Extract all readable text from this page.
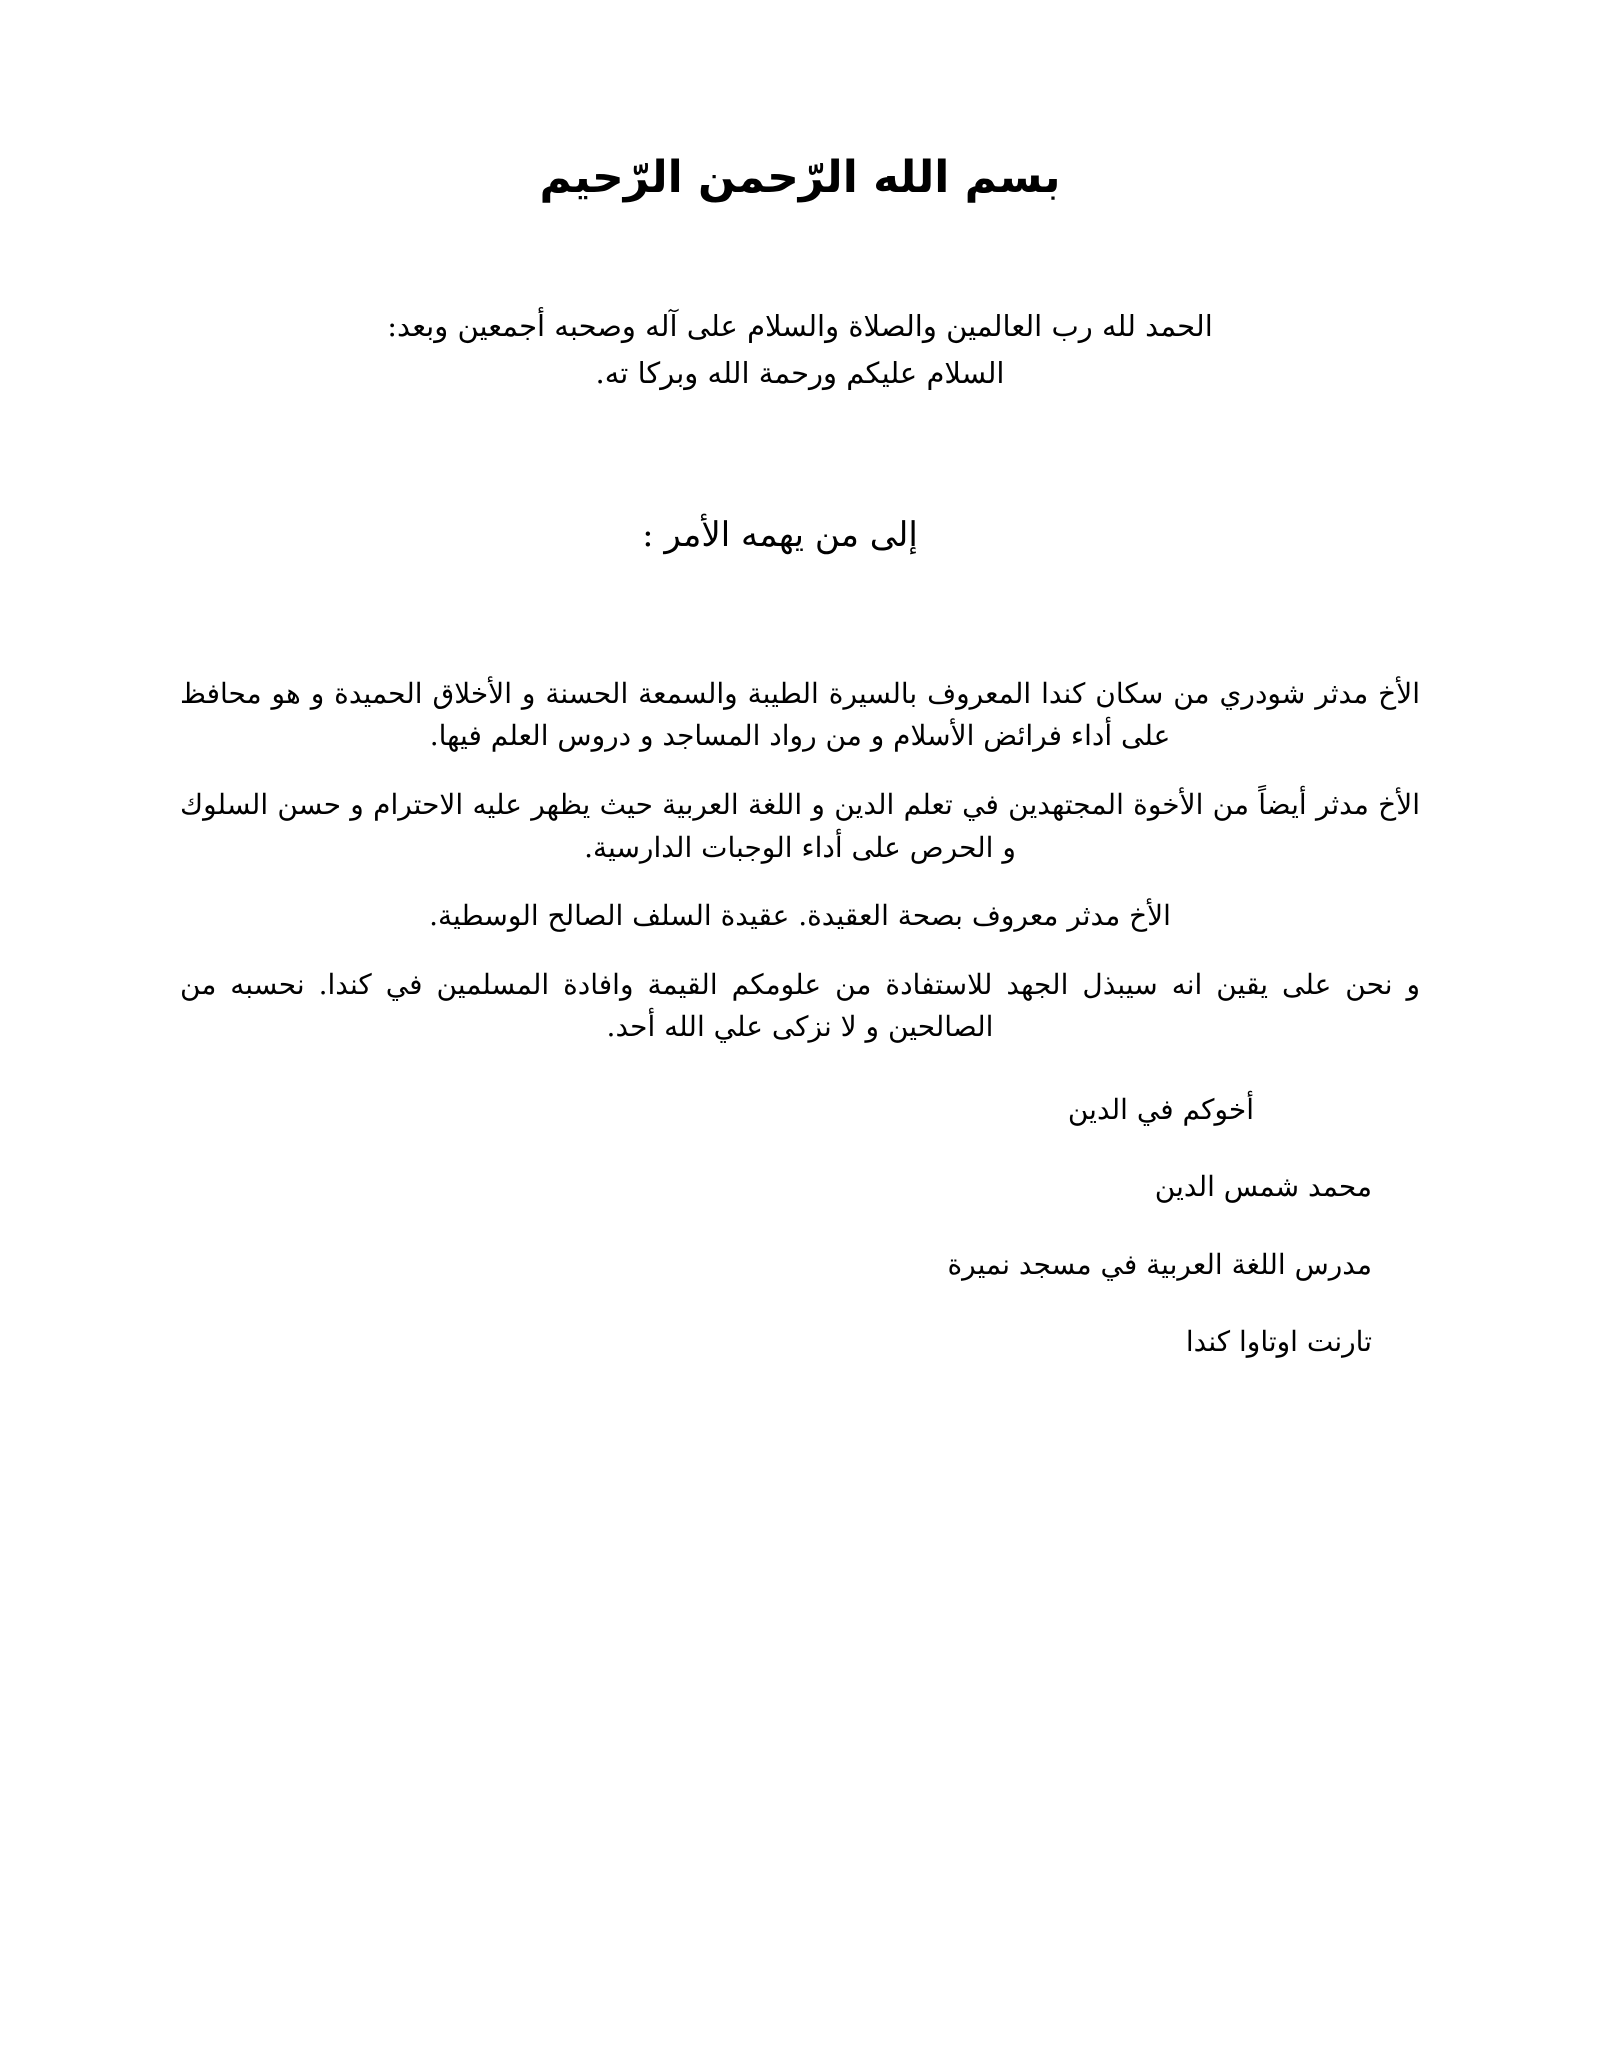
بسم الله الرّحمن الرّحيم
الحمد لله رب العالمين والصلاة والسلام على آله وصحبه أجمعين وبعد:
السلام عليكم ورحمة الله وبركا ته.
إلى من يهمه الأمر :

الأخ مدثر شودري من سكان كندا المعروف بالسيرة الطيبة والسمعة الحسنة و الأخلاق الحميدة و هو محافظ على أداء فرائض الأسلام و من رواد المساجد و دروس العلم فيها.

الأخ مدثر أيضاً من الأخوة المجتهدين في تعلم الدين و اللغة العربية حيث يظهر عليه الاحترام و حسن السلوك و الحرص على أداء الوجبات الدارسية.

الأخ مدثر معروف بصحة العقيدة. عقيدة السلف الصالح الوسطية.

و نحن على يقين انه سيبذل الجهد للاستفادة من علومكم القيمة وافادة المسلمين في كندا. نحسبه من الصالحين و لا نزكى علي الله أحد.

أخوكم في الدين
محمد شمس الدين
مدرس اللغة العربية في مسجد نميرة
تارنت اوتاوا كندا
